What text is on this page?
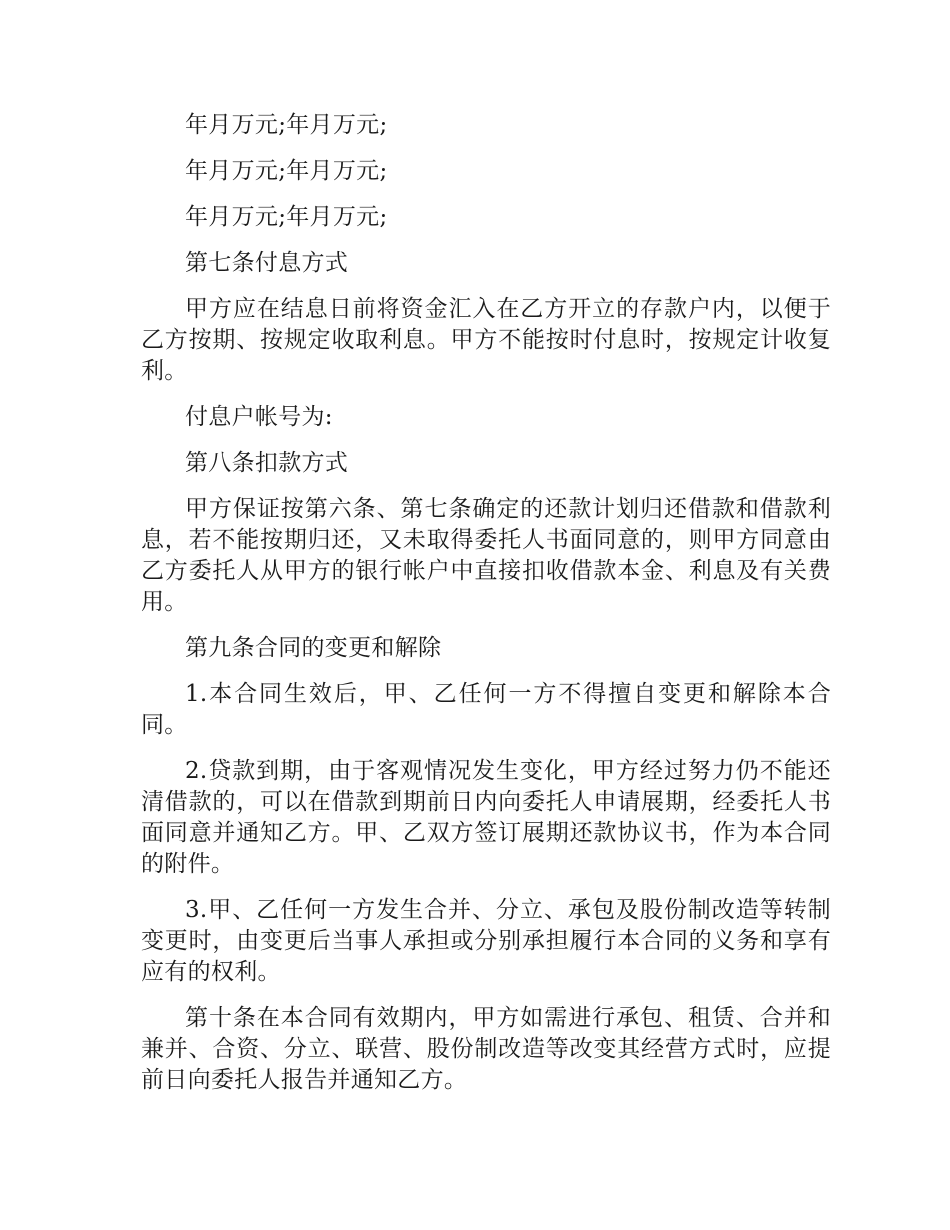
年月万元;年月万元;

年月万元;年月万元;

年月万元;年月万元;

第七条付息方式

甲方应在结息日前将资金汇入在乙方开立的存款户内，以便于乙方按期、按规定收取利息。甲方不能按时付息时，按规定计收复利。

付息户帐号为:

第八条扣款方式

甲方保证按第六条、第七条确定的还款计划归还借款和借款利息，若不能按期归还，又未取得委托人书面同意的，则甲方同意由乙方委托人从甲方的银行帐户中直接扣收借款本金、利息及有关费用。

第九条合同的变更和解除

1.本合同生效后，甲、乙任何一方不得擅自变更和解除本合同。

2.贷款到期，由于客观情况发生变化，甲方经过努力仍不能还清借款的，可以在借款到期前日内向委托人申请展期，经委托人书面同意并通知乙方。甲、乙双方签订展期还款协议书，作为本合同的附件。

3.甲、乙任何一方发生合并、分立、承包及股份制改造等转制变更时，由变更后当事人承担或分别承担履行本合同的义务和享有应有的权利。

第十条在本合同有效期内，甲方如需进行承包、租赁、合并和兼并、合资、分立、联营、股份制改造等改变其经营方式时，应提前日向委托人报告并通知乙方。
